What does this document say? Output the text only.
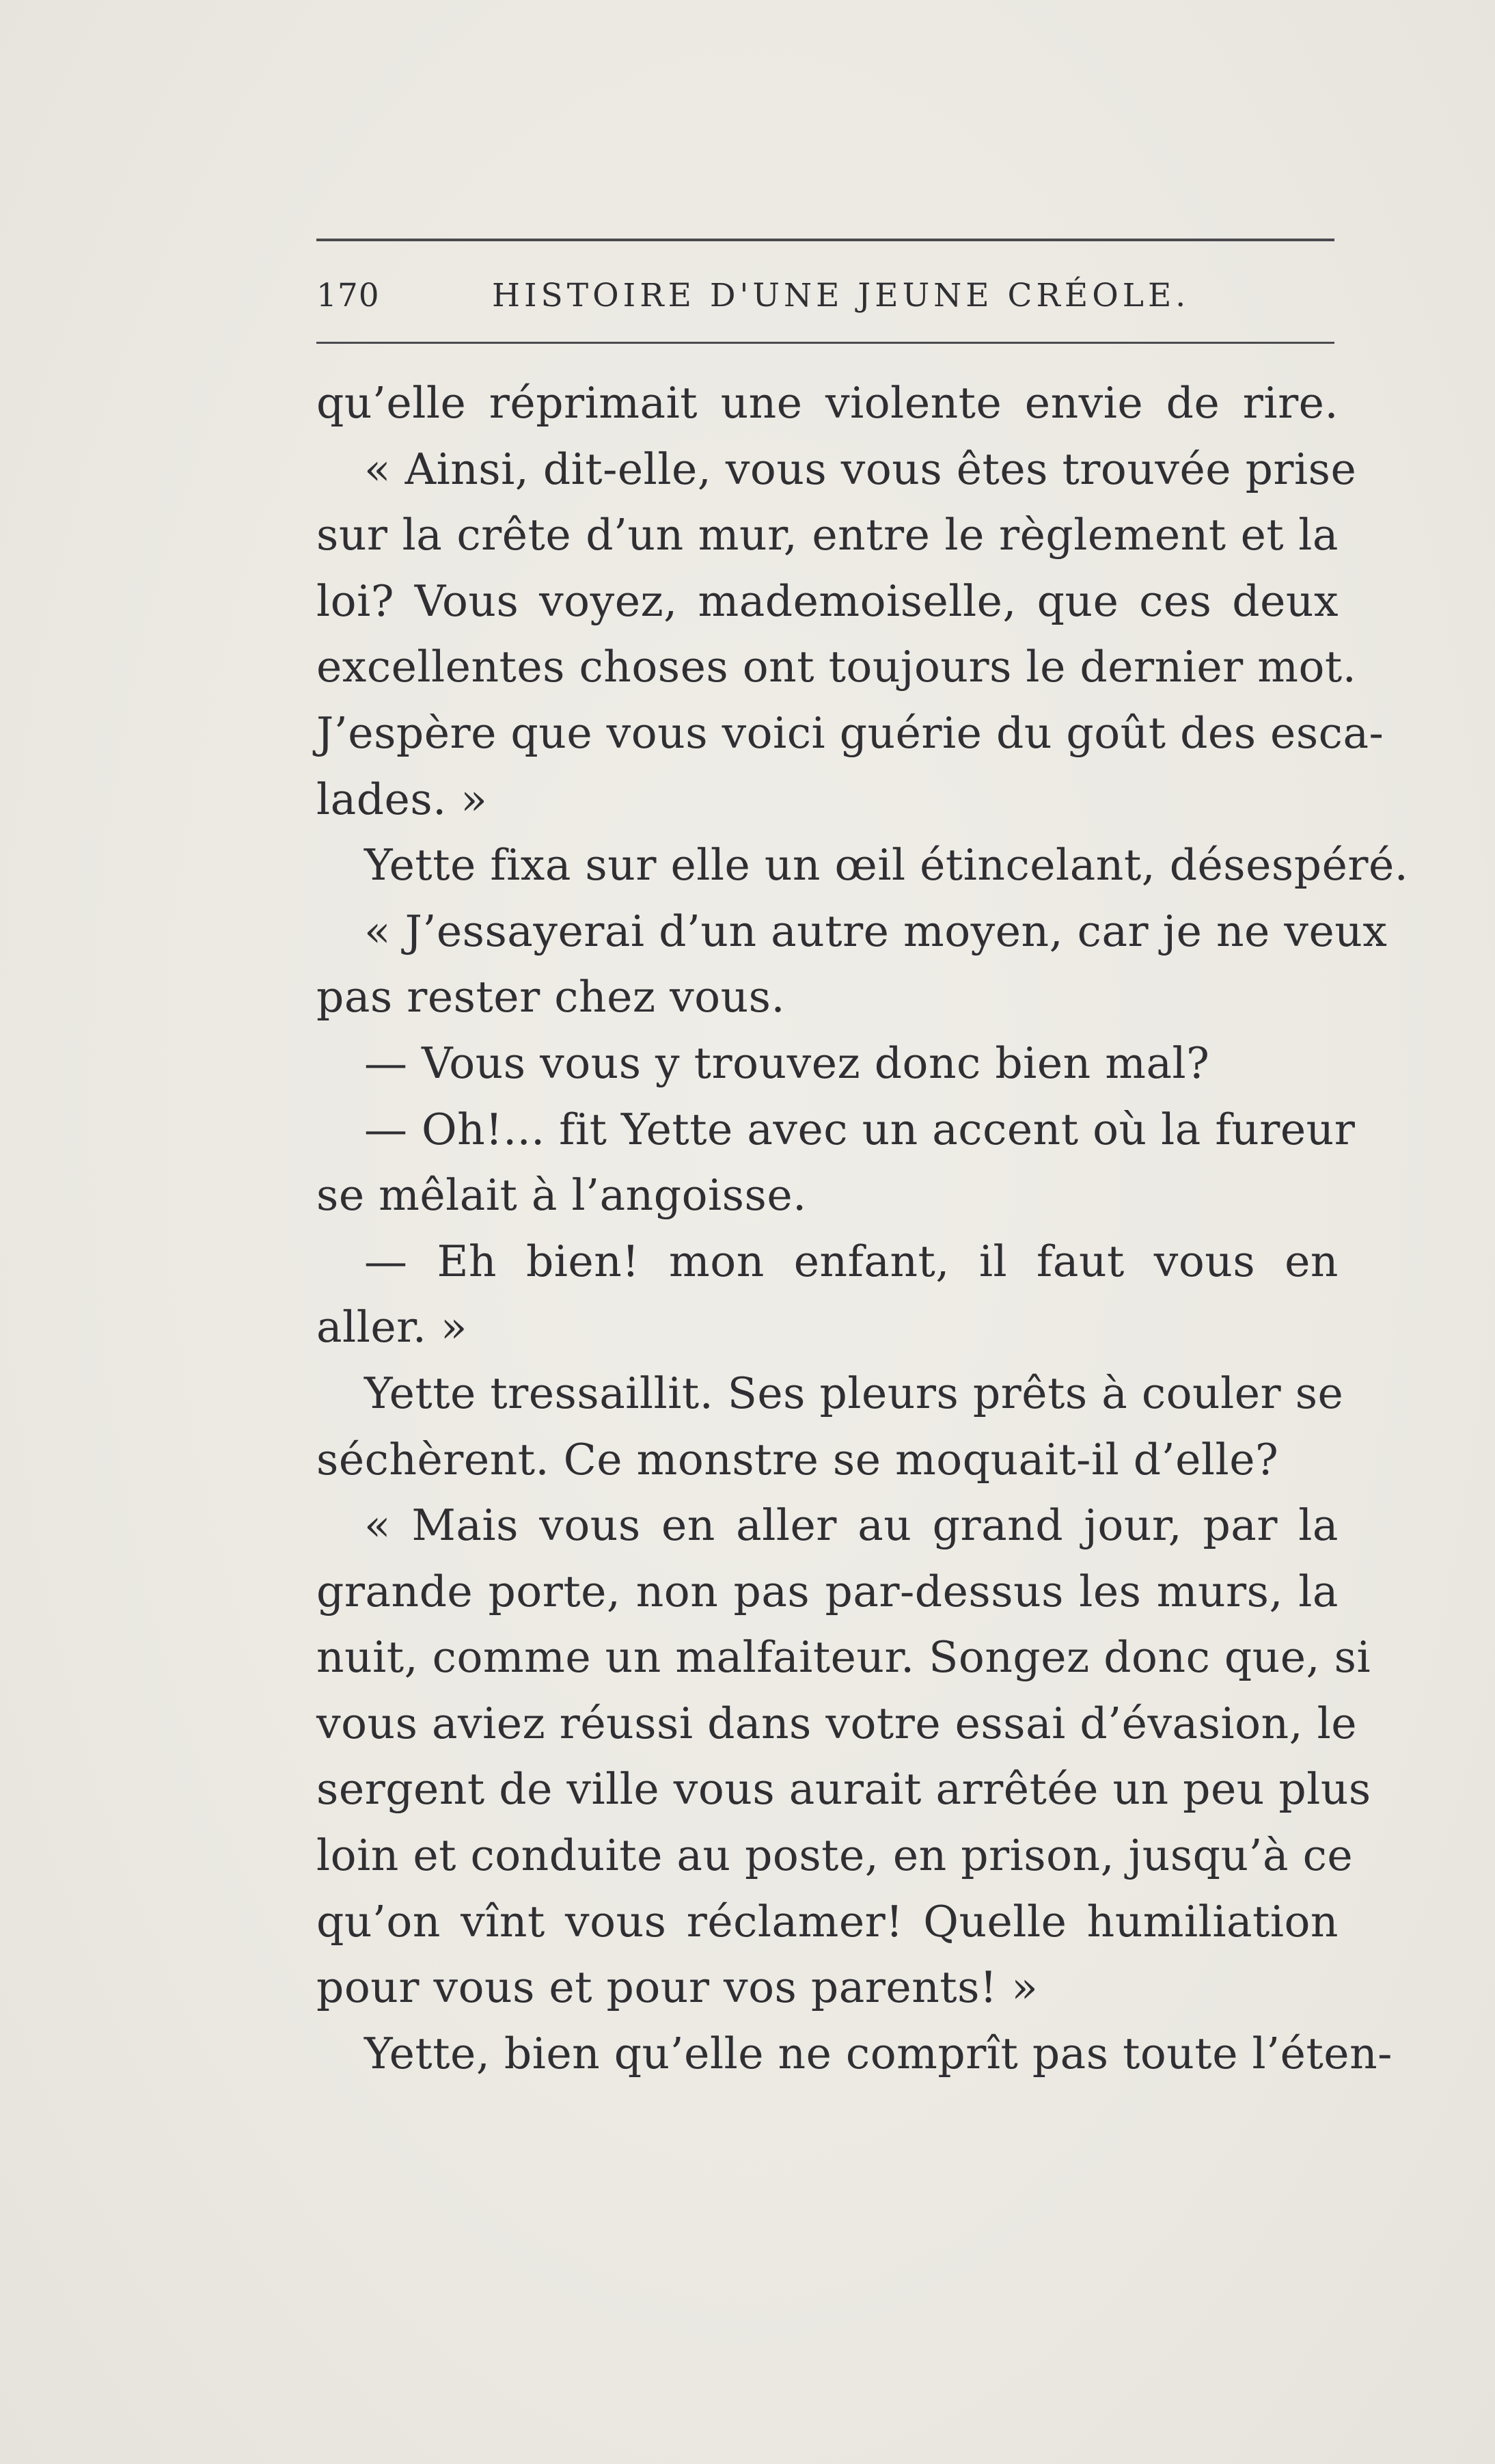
170	HISTOIRE D'UNE JEUNE CRÉOLE.
qu’elle réprimait une violente envie de rire.
« Ainsi, dit-elle, vous vous êtes trouvée prise
sur la crête d’un mur, entre le règlement et la
loi? Vous voyez, mademoiselle, que ces deux
excellentes choses ont toujours le dernier mot.
J’espère que vous voici guérie du goût des esca-
lades. »
Yette fixa sur elle un œil étincelant, désespéré.
« J’essayerai d’un autre moyen, car je ne veux
pas rester chez vous.
— Vous vous y trouvez donc bien mal?
— Oh!... fit Yette avec un accent où la fureur
se mêlait à l’angoisse.
— Eh bien! mon enfant, il faut vous en
aller. »
Yette tressaillit. Ses pleurs prêts à couler se
séchèrent. Ce monstre se moquait-il d’elle?
« Mais vous en aller au grand jour, par la
grande porte, non pas par-dessus les murs, la
nuit, comme un malfaiteur. Songez donc que, si
vous aviez réussi dans votre essai d’évasion, le
sergent de ville vous aurait arrêtée un peu plus
loin et conduite au poste, en prison, jusqu’à ce
qu’on vînt vous réclamer! Quelle humiliation
pour vous et pour vos parents! »
Yette, bien qu’elle ne comprît pas toute l’éten-
